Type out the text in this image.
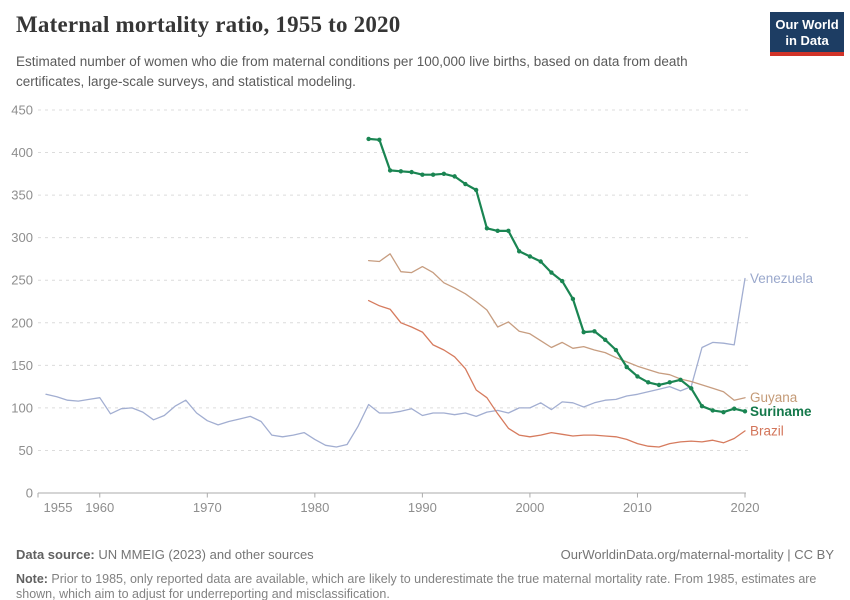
Maternal mortality ratio, 1955 to 2020	Our World
in Data
Estimated number of women who die from maternal conditions per 100,000 live births, based on data from death certificates, large-scale surveys, and statistical modeling.
0
50
100
150
200
250
300
350
400
450
1955 1960	1970	1980	1990	2000	2010	2020
Venezuela
Guyana
Brazil
Suriname
Data source: UN MMEIG (2023) and other sources	OurWorldinData.org/maternal-mortality | CC BY
Note: Prior to 1985, only reported data are available, which are likely to underestimate the true maternal mortality rate. From 1985, estimates are shown, which aim to adjust for underreporting and misclassification.
